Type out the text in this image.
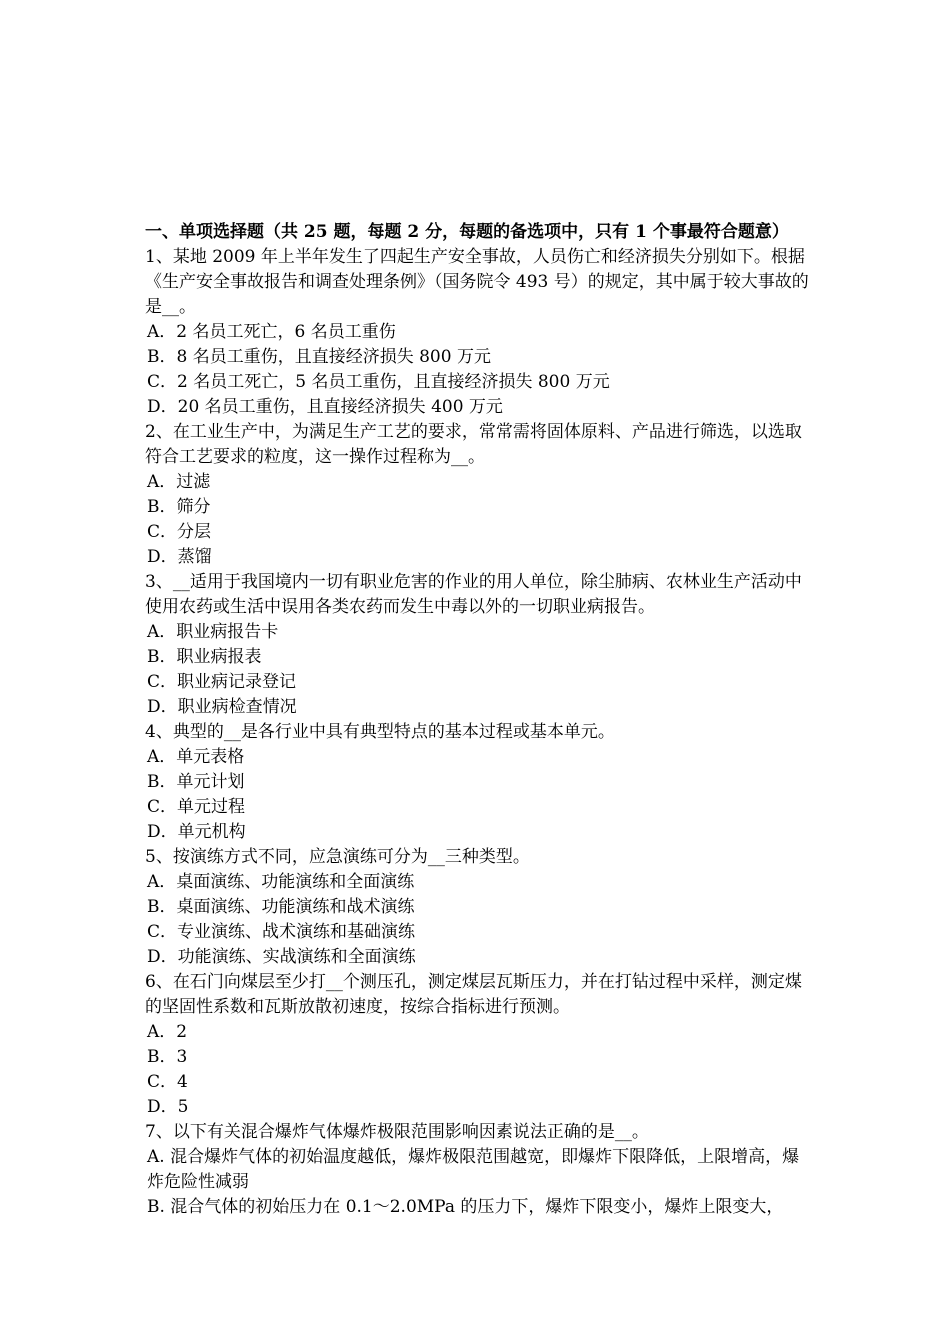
一、单项选择题（共 25 题，每题 2 分，每题的备选项中，只有 1 个事最符合题意）

1、某地 2009 年上半年发生了四起生产安全事故，人员伤亡和经济损失分别如下。根据《生产安全事故报告和调查处理条例》（国务院令 493 号）的规定，其中属于较大事故的是__。

A．2 名员工死亡，6 名员工重伤
B．8 名员工重伤，且直接经济损失 800 万元
C．2 名员工死亡，5 名员工重伤，且直接经济损失 800 万元
D．20 名员工重伤，且直接经济损失 400 万元

2、在工业生产中，为满足生产工艺的要求，常常需将固体原料、产品进行筛选，以选取符合工艺要求的粒度，这一操作过程称为__。

A．过滤
B．筛分
C．分层
D．蒸馏

3、__适用于我国境内一切有职业危害的作业的用人单位，除尘肺病、农林业生产活动中使用农药或生活中误用各类农药而发生中毒以外的一切职业病报告。

A．职业病报告卡
B．职业病报表
C．职业病记录登记
D．职业病检查情况

4、典型的__是各行业中具有典型特点的基本过程或基本单元。

A．单元表格
B．单元计划
C．单元过程
D．单元机构

5、按演练方式不同，应急演练可分为__三种类型。

A．桌面演练、功能演练和全面演练
B．桌面演练、功能演练和战术演练
C．专业演练、战术演练和基础演练
D．功能演练、实战演练和全面演练

6、在石门向煤层至少打__个测压孔，测定煤层瓦斯压力，并在打钻过程中采样，测定煤的坚固性系数和瓦斯放散初速度，按综合指标进行预测。

A．2
B．3
C．4
D．5

7、以下有关混合爆炸气体爆炸极限范围影响因素说法正确的是__。

A. 混合爆炸气体的初始温度越低，爆炸极限范围越宽，即爆炸下限降低，上限增高，爆炸危险性减弱
B. 混合气体的初始压力在 0.1～2.0MPa 的压力下，爆炸下限变小，爆炸上限变大，
